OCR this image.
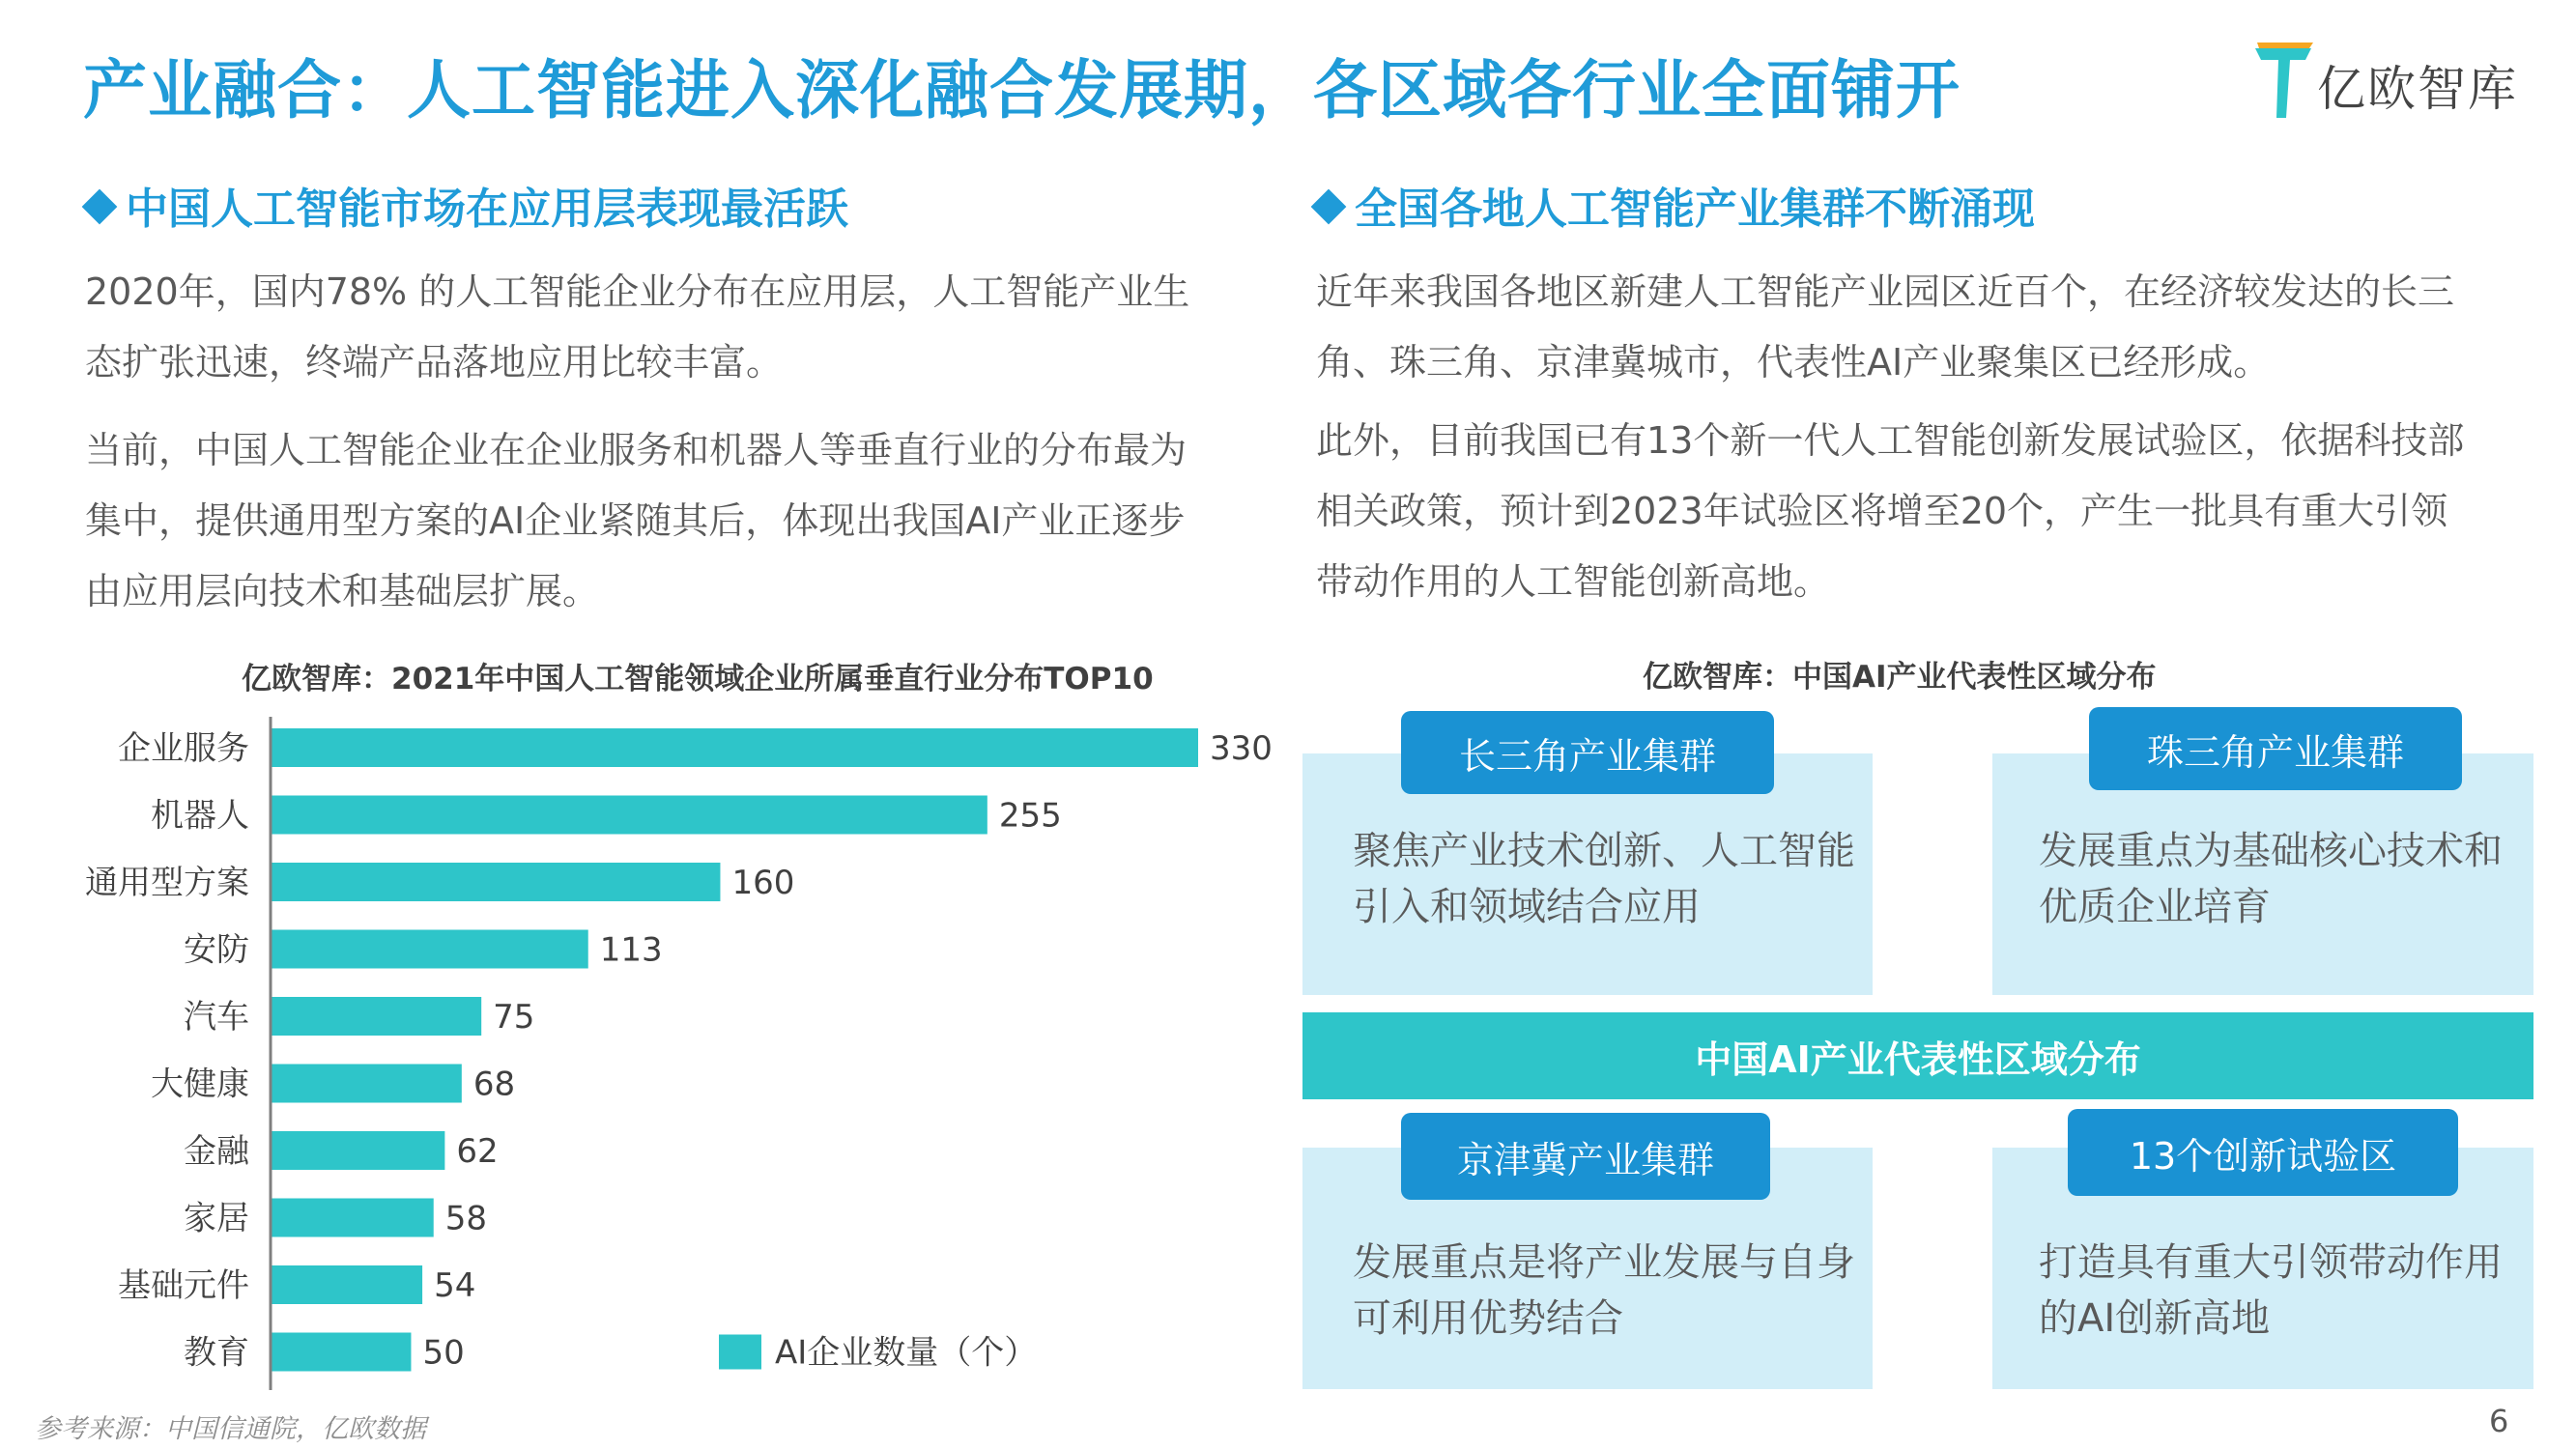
产业融合：人工智能进入深化融合发展期，各区域各行业全面铺开	亿欧智库
中国人工智能市场在应用层表现最活跃
2020年，国内78% 的人工智能企业分布在应用层，人工智能产业生
态扩张迅速，终端产品落地应用比较丰富。
当前，中国人工智能企业在企业服务和机器人等垂直行业的分布最为
集中，提供通用型方案的AI企业紧随其后，体现出我国AI产业正逐步
由应用层向技术和基础层扩展。
亿欧智库：2021年中国人工智能领域企业所属垂直行业分布TOP10
企业服务	330
机器人	255
通用型方案	160
安防	113
汽车	75
大健康	68
金融	62
家居	58
基础元件	54
教育	50	AI企业数量（个）
参考来源：中国信通院，亿欧数据
全国各地人工智能产业集群不断涌现
近年来我国各地区新建人工智能产业园区近百个，在经济较发达的长三
角、珠三角、京津冀城市，代表性AI产业聚集区已经形成。
此外，目前我国已有13个新一代人工智能创新发展试验区，依据科技部
相关政策，预计到2023年试验区将增至20个，产生一批具有重大引领
带动作用的人工智能创新高地。
亿欧智库：中国AI产业代表性区域分布
中国AI产业代表性区域分布
长三角产业集群	珠三角产业集群
京津冀产业集群	13个创新试验区
聚焦产业技术创新、人工智能
引入和领域结合应用
发展重点为基础核心技术和
优质企业培育
发展重点是将产业发展与自身
可利用优势结合
打造具有重大引领带动作用
的AI创新高地
6
